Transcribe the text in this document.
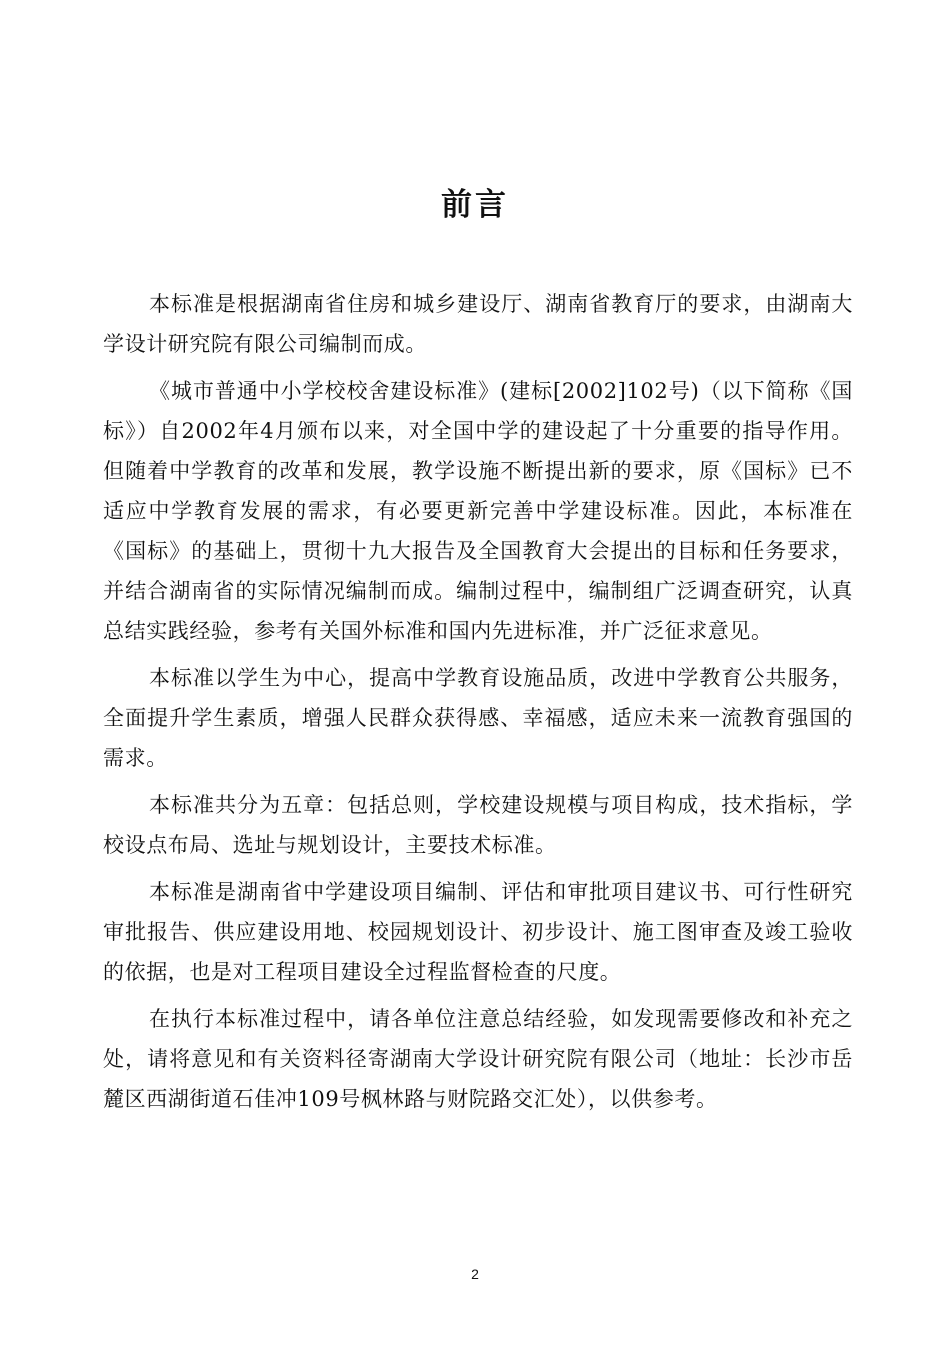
前言

本标准是根据湖南省住房和城乡建设厅、湖南省教育厅的要求，由湖南大学设计研究院有限公司编制而成。

《城市普通中小学校校舍建设标准》(建标[2002]102号)（以下简称《国标》）自2002年4月颁布以来，对全国中学的建设起了十分重要的指导作用。但随着中学教育的改革和发展，教学设施不断提出新的要求，原《国标》已不适应中学教育发展的需求，有必要更新完善中学建设标准。因此，本标准在《国标》的基础上，贯彻十九大报告及全国教育大会提出的目标和任务要求，并结合湖南省的实际情况编制而成。编制过程中，编制组广泛调查研究，认真总结实践经验，参考有关国外标准和国内先进标准，并广泛征求意见。

本标准以学生为中心，提高中学教育设施品质，改进中学教育公共服务，全面提升学生素质，增强人民群众获得感、幸福感，适应未来一流教育强国的需求。

本标准共分为五章：包括总则，学校建设规模与项目构成，技术指标，学校设点布局、选址与规划设计，主要技术标准。

本标准是湖南省中学建设项目编制、评估和审批项目建议书、可行性研究审批报告、供应建设用地、校园规划设计、初步设计、施工图审查及竣工验收的依据，也是对工程项目建设全过程监督检查的尺度。

在执行本标准过程中，请各单位注意总结经验，如发现需要修改和补充之处，请将意见和有关资料径寄湖南大学设计研究院有限公司（地址：长沙市岳麓区西湖街道石佳冲109号枫林路与财院路交汇处），以供参考。

2
